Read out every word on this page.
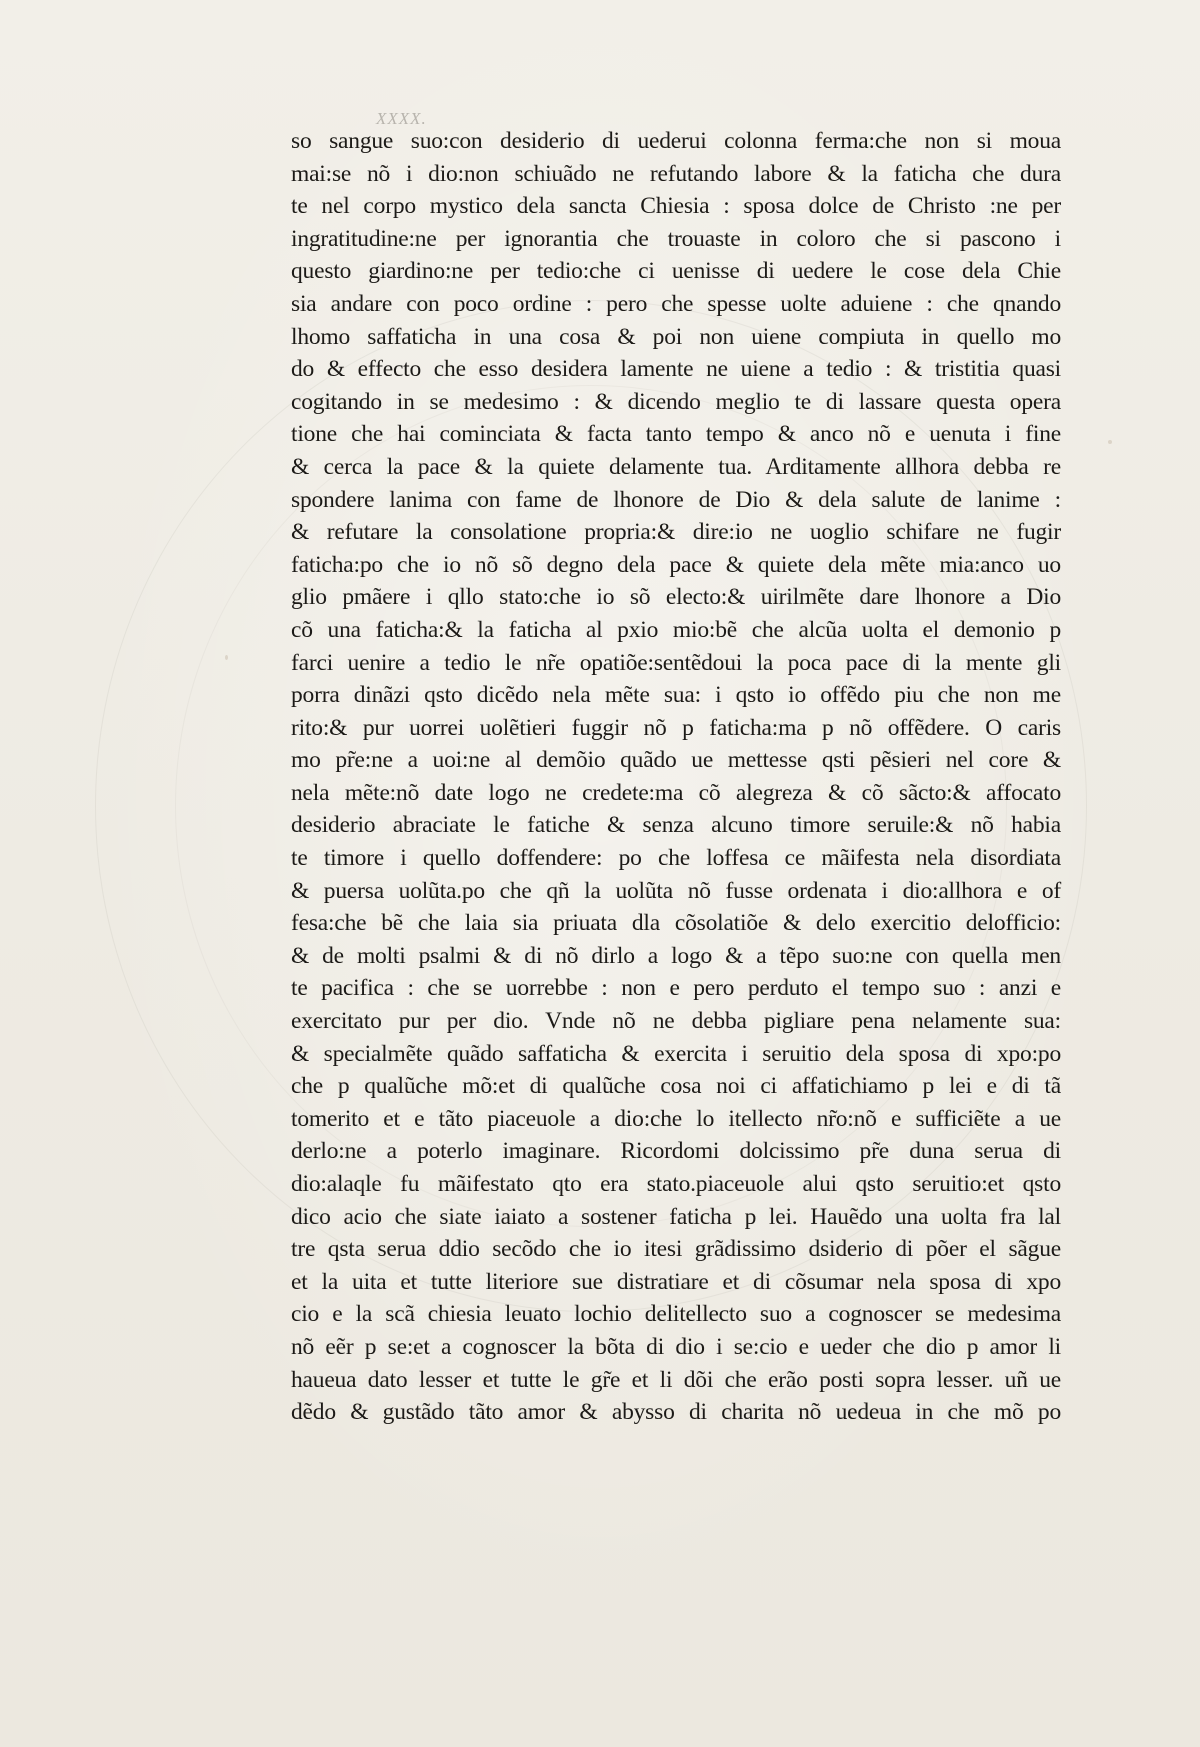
XXXX.
so sangue suo:con desiderio di uederui colonna ferma:che non si moua
mai:se nõ i dio:non schiuãdo ne refutando labore & la faticha che dura
te nel corpo mystico dela sancta Chiesia : sposa dolce de Christo :ne per
ingratitudine:ne per ignorantia che trouaste in coloro che si pascono i
questo giardino:ne per tedio:che ci uenisse di uedere le cose dela Chie
sia andare con poco ordine : pero che spesse uolte aduiene : che qnando
lhomo saffaticha in una cosa & poi non uiene compiuta in quello mo
do & effecto che esso desidera lamente ne uiene a tedio : & tristitia quasi
cogitando in se medesimo : & dicendo meglio te di lassare questa opera
tione che hai cominciata & facta tanto tempo & anco nõ e uenuta i fine
& cerca la pace & la quiete delamente tua. Arditamente allhora debba re
spondere lanima con fame de lhonore de Dio & dela salute de lanime :
& refutare la consolatione propria:& dire:io ne uoglio schifare ne fugir
faticha:po che io nõ sõ degno dela pace & quiete dela mẽte mia:anco uo
glio pmãere i qllo stato:che io sõ electo:& uirilmẽte dare lhonore a Dio
cõ una faticha:& la faticha al pxio mio:bẽ che alcũa uolta el demonio p
farci uenire a tedio le nr̃e opatiõe:sentẽdoui la poca pace di la mente gli
porra dinãzi qsto dicẽdo nela mẽte sua: i qsto io offẽdo piu che non me
rito:& pur uorrei uolẽtieri fuggir nõ p faticha:ma p nõ offẽdere. O caris
mo pr̃e:ne a uoi:ne al demõio quãdo ue mettesse qsti pẽsieri nel core &
nela mẽte:nõ date logo ne credete:ma cõ alegreza & cõ sãcto:& affocato
desiderio abraciate le fatiche & senza alcuno timore seruile:& nõ habia
te timore i quello doffendere: po che loffesa ce mãifesta nela disordiata
& puersa uolũta.po che qñ la uolũta nõ fusse ordenata i dio:allhora e of
fesa:che bẽ che laia sia priuata dla cõsolatiõe & delo exercitio delofficio:
& de molti psalmi & di nõ dirlo a logo & a tẽpo suo:ne con quella men
te pacifica : che se uorrebbe : non e pero perduto el tempo suo : anzi e
exercitato pur per dio. Vnde nõ ne debba pigliare pena nelamente sua:
& specialmẽte quãdo saffaticha & exercita i seruitio dela sposa di xpo:po
che p qualũche mõ:et di qualũche cosa noi ci affatichiamo p lei e di tã
tomerito et e tãto piaceuole a dio:che lo itellecto nr̃o:nõ e sufficiẽte a ue
derlo:ne a poterlo imaginare. Ricordomi dolcissimo pr̃e duna serua di
dio:alaqle fu mãifestato qto era stato.piaceuole alui qsto seruitio:et qsto
dico acio che siate iaiato a sostener faticha p lei. Hauẽdo una uolta fra lal
tre qsta serua ddio secõdo che io itesi grãdissimo dsiderio di põer el sãgue
et la uita et tutte literiore sue distratiare et di cõsumar nela sposa di xpo
cio e la scã chiesia leuato lochio delitellecto suo a cognoscer se medesima
nõ eẽr p se:et a cognoscer la bõta di dio i se:cio e ueder che dio p amor li
haueua dato lesser et tutte le gr̃e et li dõi che erão posti sopra lesser. uñ ue
dẽdo & gustãdo tãto amor & abysso di charita nõ uedeua in che mõ po
